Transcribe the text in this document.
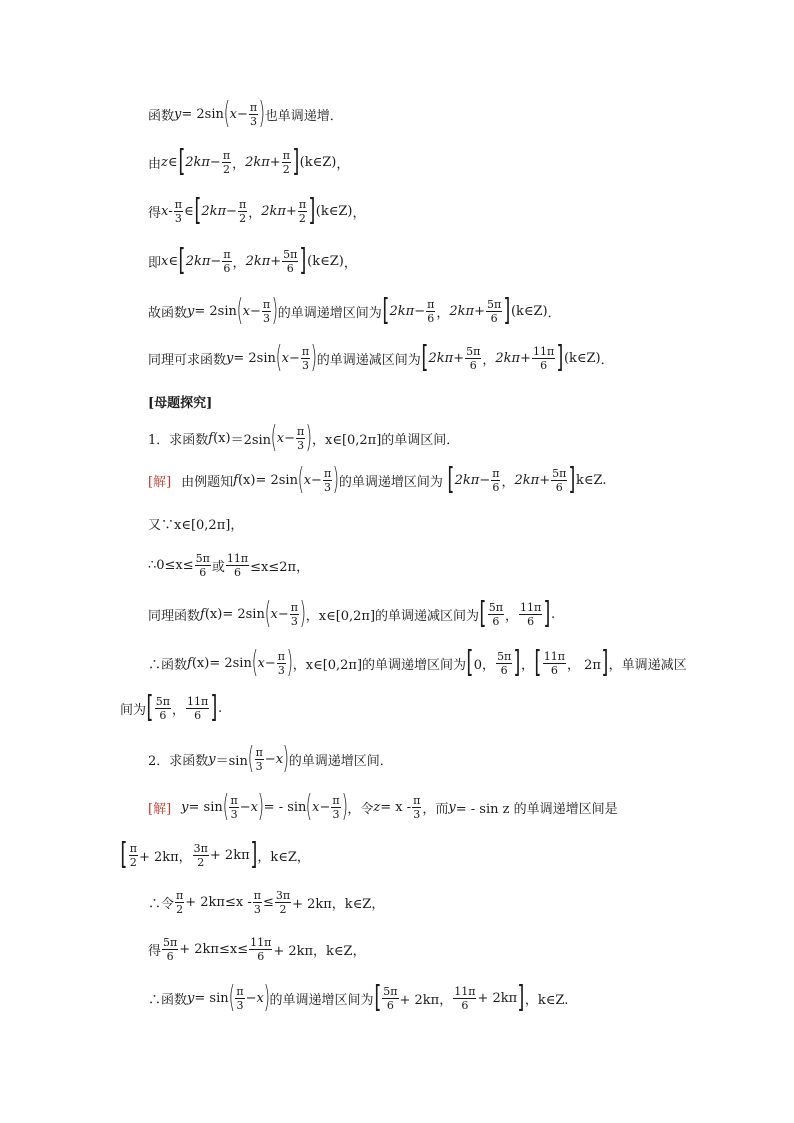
函数 y = 2sin ( $x - \frac{\pi}{3}$ ) 也单调递增．
由 z ∈ [ $2k\pi - \frac{\pi}{2}$ ， $2k\pi + \frac{\pi}{2}$ ] (k∈Z) ，
得 x - $\frac{\pi}{3}$ ∈ [ $2k\pi - \frac{\pi}{2}$ ， $2k\pi + \frac{\pi}{2}$ ] (k∈Z) ，
即 x ∈ [ $2k\pi - \frac{\pi}{6}$ ， $2k\pi + \frac{5\pi}{6}$ ] (k∈Z) ，
故函数 y = 2sin ( $x - \frac{\pi}{3}$ ) 的单调递增区间为 [ $2k\pi - \frac{\pi}{6}$ ， $2k\pi + \frac{5\pi}{6}$ ] (k∈Z) ．
同理可求函数 y = 2sin ( $x - \frac{\pi}{3}$ ) 的单调递减区间为 [ $2k\pi + \frac{5\pi}{6}$ ， $2k\pi + \frac{11\pi}{6}$ ] (k∈Z) ．
[母题探究]
1．求函数 f (x) ＝2sin ( $x - \frac{\pi}{3}$ ) ，x∈[0,2π]的单调区间．
[解] 由例题知 f (x) = 2sin ( $x - \frac{\pi}{3}$ ) 的单调递增区间为 [ $2k\pi - \frac{\pi}{6}$ ， $2k\pi + \frac{5\pi}{6}$ ] k∈Z.
又∵x∈[0,2π]，
∴0≤x≤ $\frac{5\pi}{6}$ 或 $\frac{11\pi}{6} \le x\le 2\pi$，
同理函数 f (x) = 2sin ( $x - \frac{\pi}{3}$ ) ，x∈[0,2π]的单调递减区间为 [ $\frac{5\pi}{6}$ ， $\frac{11\pi}{6}$ ] .
∴函数 f (x) = 2sin ( $x - \frac{\pi}{3}$ ) ，x∈[0,2π]的单调递增区间为 [ 0， $\frac{5\pi}{6}$ ] ， [ $\frac{11\pi}{6}$ ， 2π ] ，单调递减区
间为 [ $\frac{5\pi}{6}$ ， $\frac{11\pi}{6}$ ] .
2．求函数 y ＝sin ( $\frac{\pi}{3} - x$ ) 的单调递增区间．
[解] y = sin ( $\frac{\pi}{3} - x$ ) = - sin ( $x - \frac{\pi}{3}$ ) ，令 $z = x - \frac{\pi}{3}$ ，而 y = - sin z 的单调递增区间是
[ $\frac{\pi}{2} + 2k\pi$， $\frac{3\pi}{2} + 2k\pi$ ] ，k∈Z，
∴令 $\frac{\pi}{2} + 2k\pi\le x - \frac{\pi}{3} \le \frac{3\pi}{2} + 2k\pi$，k∈Z，
得 $\frac{5\pi}{6} + 2k\pi\le x\le \frac{11\pi}{6} + 2k\pi$，k∈Z，
∴函数 y = sin ( $\frac{\pi}{3} - x$ ) 的单调递增区间为 [ $\frac{5\pi}{6} + 2k\pi$， $\frac{11\pi}{6} + 2k\pi$ ] ，k∈Z.
